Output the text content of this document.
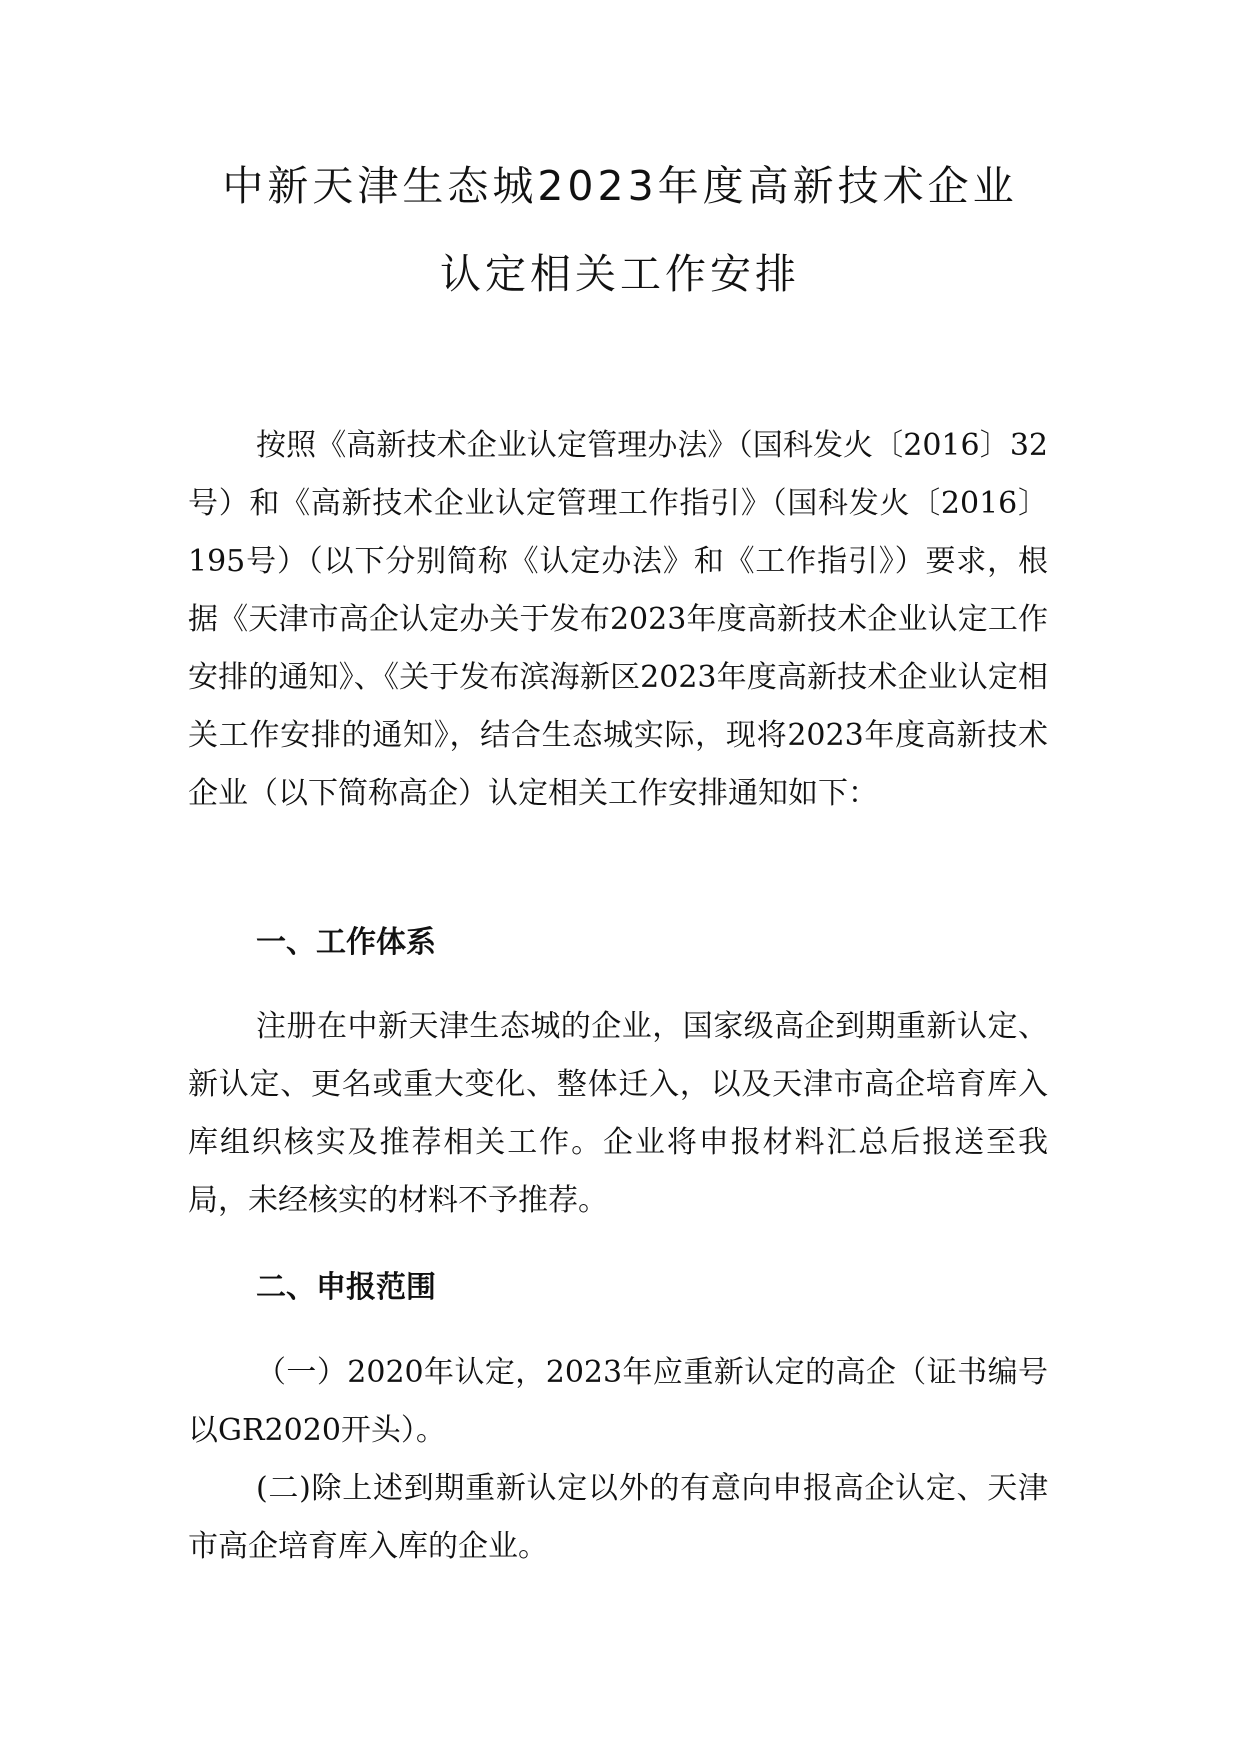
中新天津生态城2023年度高新技术企业
认定相关工作安排

按照《高新技术企业认定管理办法》（国科发火〔2016〕32号）和《高新技术企业认定管理工作指引》（国科发火〔2016〕195号）（以下分别简称《认定办法》和《工作指引》）要求，根据《天津市高企认定办关于发布2023年度高新技术企业认定工作安排的通知》、《关于发布滨海新区2023年度高新技术企业认定相关工作安排的通知》，结合生态城实际，现将2023年度高新技术企业（以下简称高企）认定相关工作安排通知如下：

一、工作体系

注册在中新天津生态城的企业，国家级高企到期重新认定、新认定、更名或重大变化、整体迁入，以及天津市高企培育库入库组织核实及推荐相关工作。企业将申报材料汇总后报送至我局，未经核实的材料不予推荐。

二、申报范围

（一）2020年认定，2023年应重新认定的高企（证书编号以GR2020开头）。

(二)除上述到期重新认定以外的有意向申报高企认定、天津市高企培育库入库的企业。
